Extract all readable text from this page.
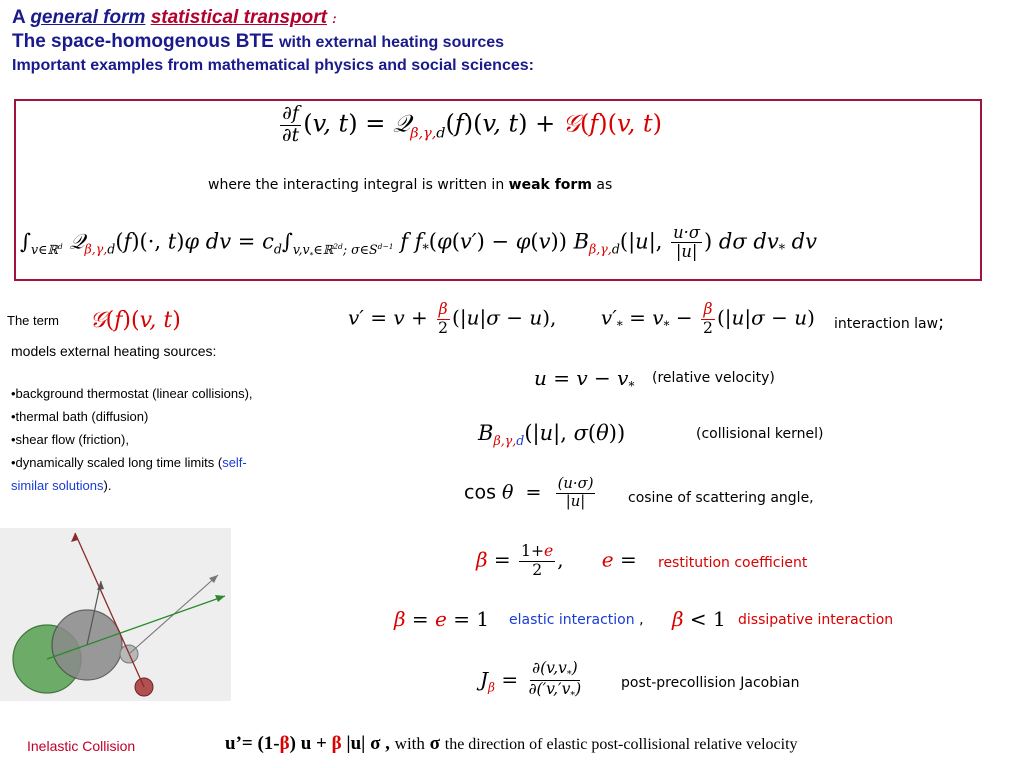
A general form statistical transport :
The space-homogenous BTE with external heating sources
Important examples from mathematical physics and social sciences:
$\frac{\partial f}{\partial t} (v$, t) = 𝒬$_{\beta,\gamma,d}$(f)(v, t) + 𝒢(f)(v, t)
where the interacting integral is written in weak form as
$\int_{v\in ℝ^d}$ 𝒬$_{\beta,\gamma,d}$(f)(·, t)φ dv = $c_d\int_{v,v_*\in ℝ^{2d}; \sigma\in S^{d-1}}$ f $f_*(\varphi(v') - \varphi(v))$ $B_{\beta,\gamma,d}(|u|$, $\frac{u\cdot\sigma}{|u|}$ ) dσ $dv_*$ dv
The term 𝒢(f)(v, t)
models external heating sources:
•background thermostat (linear collisions),
•thermal bath (diffusion)
•shear flow (friction),
•dynamically scaled long time limits (self-similar solutions).
$v' = v + \frac{\beta}{2} (|u|\sigma - u)$,       $v'_* = v_* - \frac{\beta}{2} (|u|\sigma - u)$ interaction law;
$u = v - v_*$ (relative velocity)
$B_{\beta,\gamma,d}(|u|$, σ(θ))	(collisional kernel)
$\cos \theta = \frac{(u\cdot\sigma)}{|u|}$ cosine of scattering angle,
$\beta = \frac{1+e}{2}$ , e = restitution coefficient
β = e = 1 elastic interaction , β < 1 dissipative interaction
$J_\beta = \frac{\partial(v,v_*)}{\partial('v,'v_*)}$	post-precollision Jacobian
Inelastic Collision	u’= (1-β) u + β |u| σ , with σ the direction of elastic post-collisional relative velocity
